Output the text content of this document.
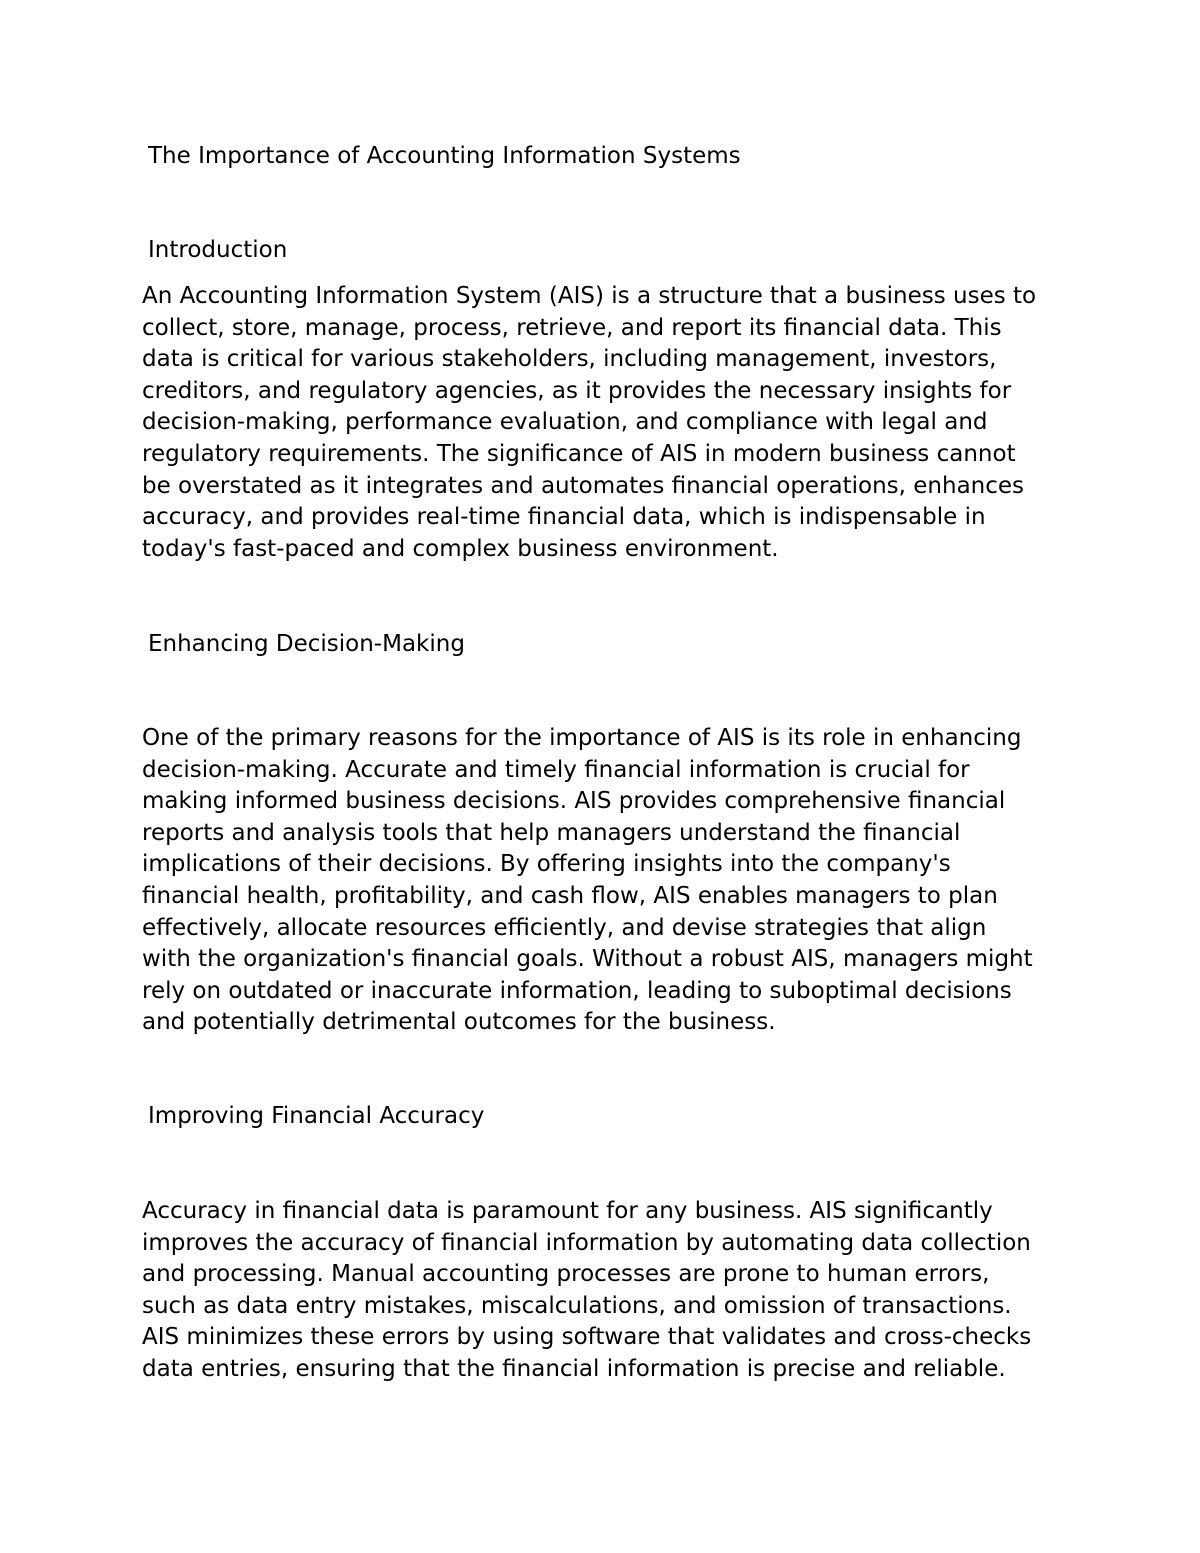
The Importance of Accounting Information Systems
Introduction
An Accounting Information System (AIS) is a structure that a business uses to
collect, store, manage, process, retrieve, and report its financial data. This
data is critical for various stakeholders, including management, investors,
creditors, and regulatory agencies, as it provides the necessary insights for
decision-making, performance evaluation, and compliance with legal and
regulatory requirements. The significance of AIS in modern business cannot
be overstated as it integrates and automates financial operations, enhances
accuracy, and provides real-time financial data, which is indispensable in
today's fast-paced and complex business environment.
Enhancing Decision-Making
One of the primary reasons for the importance of AIS is its role in enhancing
decision-making. Accurate and timely financial information is crucial for
making informed business decisions. AIS provides comprehensive financial
reports and analysis tools that help managers understand the financial
implications of their decisions. By offering insights into the company's
financial health, profitability, and cash flow, AIS enables managers to plan
effectively, allocate resources efficiently, and devise strategies that align
with the organization's financial goals. Without a robust AIS, managers might
rely on outdated or inaccurate information, leading to suboptimal decisions
and potentially detrimental outcomes for the business.
Improving Financial Accuracy
Accuracy in financial data is paramount for any business. AIS significantly
improves the accuracy of financial information by automating data collection
and processing. Manual accounting processes are prone to human errors,
such as data entry mistakes, miscalculations, and omission of transactions.
AIS minimizes these errors by using software that validates and cross-checks
data entries, ensuring that the financial information is precise and reliable.
